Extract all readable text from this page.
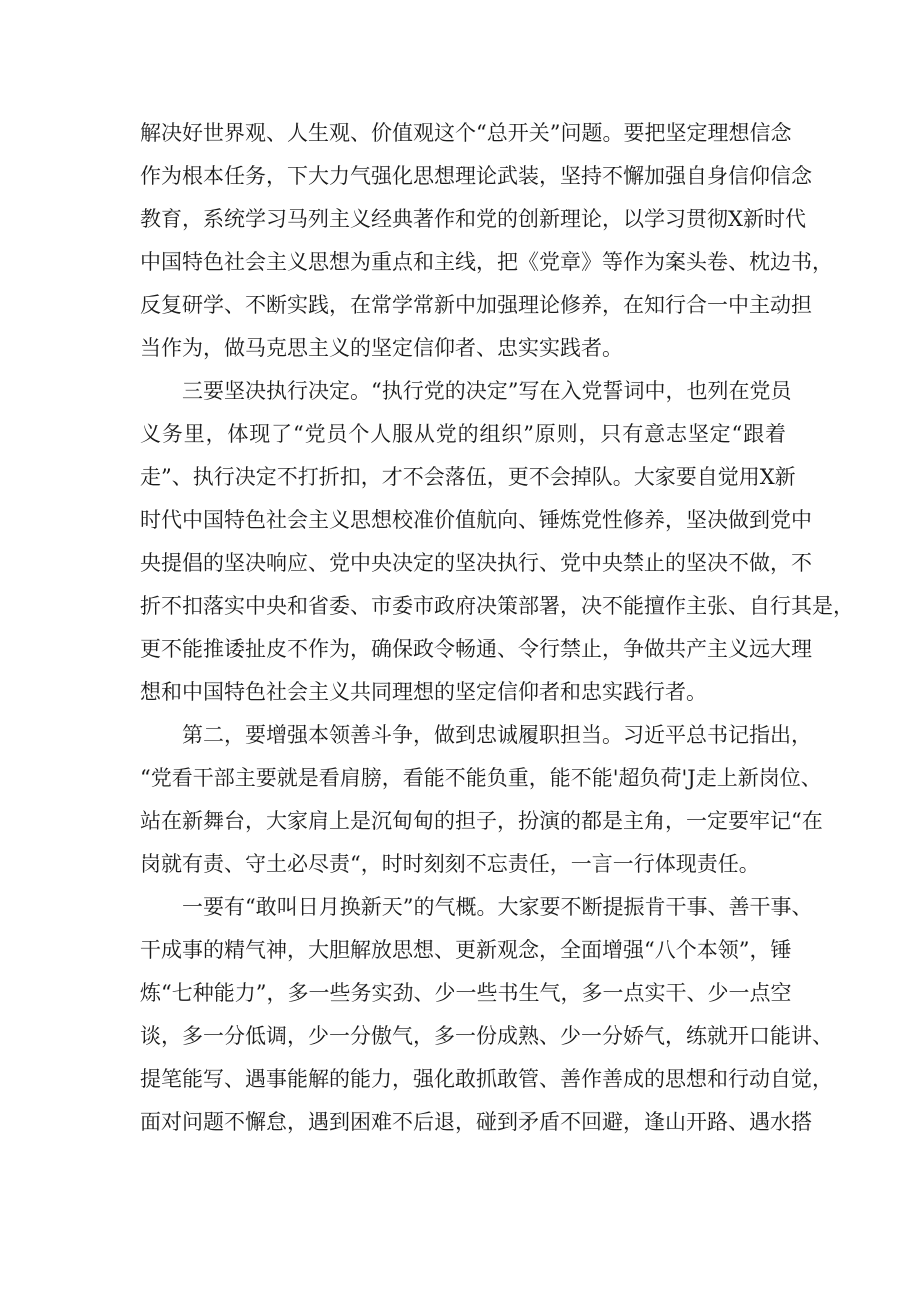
解决好世界观、人生观、价值观这个“总开关”问题。要把坚定理想信念
作为根本任务，下大力气强化思想理论武装，坚持不懈加强自身信仰信念
教育，系统学习马列主义经典著作和党的创新理论，以学习贯彻X新时代
中国特色社会主义思想为重点和主线，把《党章》等作为案头卷、枕边书，
反复研学、不断实践，在常学常新中加强理论修养，在知行合一中主动担
当作为，做马克思主义的坚定信仰者、忠实实践者。
三要坚决执行决定。“执行党的决定”写在入党誓词中，也列在党员
义务里，体现了“党员个人服从党的组织”原则，只有意志坚定“跟着
走”、执行决定不打折扣，才不会落伍，更不会掉队。大家要自觉用X新
时代中国特色社会主义思想校准价值航向、锤炼党性修养，坚决做到党中
央提倡的坚决响应、党中央决定的坚决执行、党中央禁止的坚决不做，不
折不扣落实中央和省委、市委市政府决策部署，决不能擅作主张、自行其是，
更不能推诿扯皮不作为，确保政令畅通、令行禁止，争做共产主义远大理
想和中国特色社会主义共同理想的坚定信仰者和忠实践行者。
第二，要增强本领善斗争，做到忠诚履职担当。习近平总书记指出，
“党看干部主要就是看肩膀，看能不能负重，能不能'超负荷'J走上新岗位、
站在新舞台，大家肩上是沉甸甸的担子，扮演的都是主角，一定要牢记“在
岗就有责、守土必尽责“，时时刻刻不忘责任，一言一行体现责任。
一要有“敢叫日月换新天”的气概。大家要不断提振肯干事、善干事、
干成事的精气神，大胆解放思想、更新观念，全面增强“八个本领”，锤
炼“七种能力”，多一些务实劲、少一些书生气，多一点实干、少一点空
谈，多一分低调，少一分傲气，多一份成熟、少一分娇气，练就开口能讲、
提笔能写、遇事能解的能力，强化敢抓敢管、善作善成的思想和行动自觉，
面对问题不懈怠，遇到困难不后退，碰到矛盾不回避，逢山开路、遇水搭
